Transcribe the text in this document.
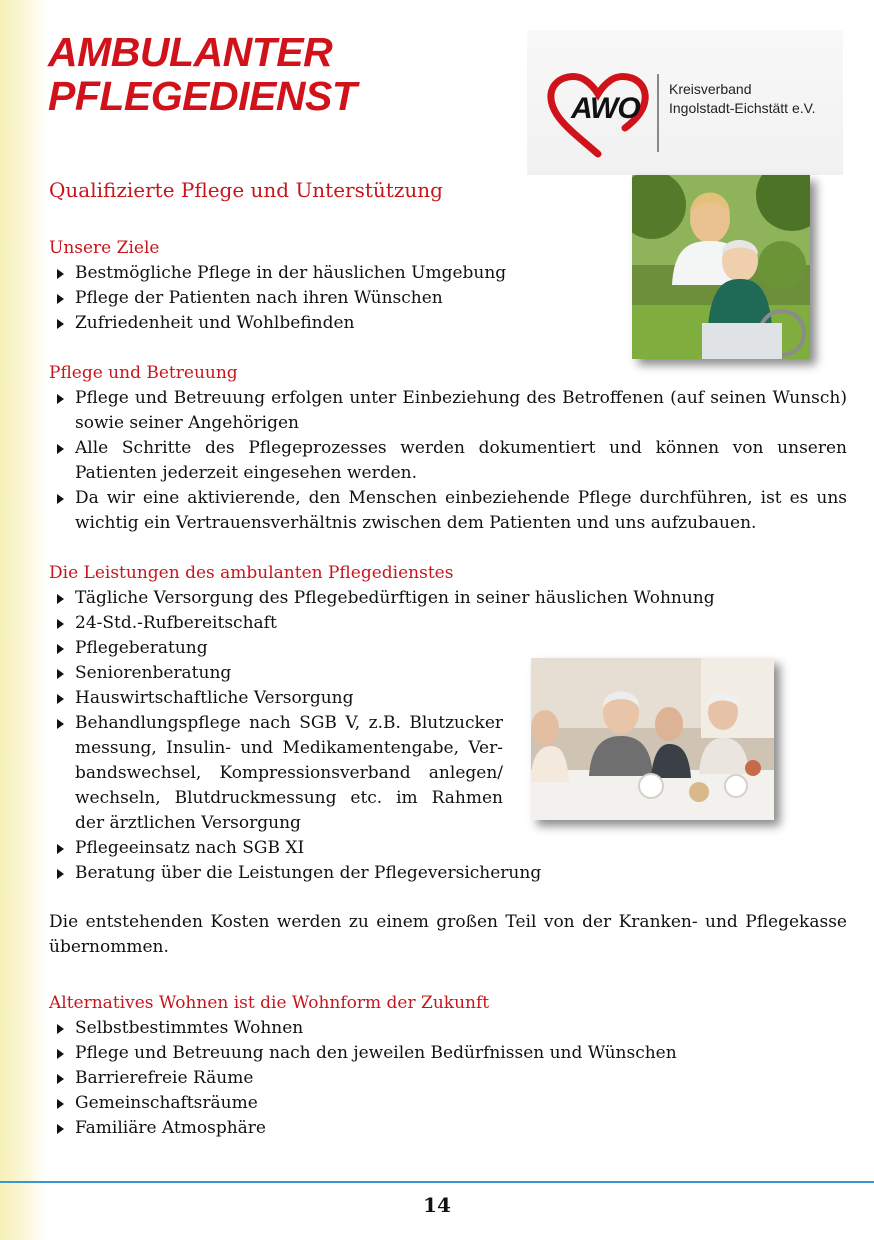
AMBULANTER
PFLEGEDIENST	AWO
Kreisverband
Ingolstadt-Eichstätt e.V.
Qualifizierte Pflege und Unterstützung
Unsere Ziele
Bestmögliche Pflege in der häuslichen Umgebung
Pflege der Patienten nach ihren Wünschen
Zufriedenheit und Wohlbefinden
Pflege und Betreuung
Pflege und Betreuung erfolgen unter Einbeziehung des Betroffenen (auf seinen Wunsch) sowie seiner Angehörigen
Alle Schritte des Pflegeprozesses werden dokumentiert und können von unseren Patienten jederzeit eingesehen werden.
Da wir eine aktivierende, den Menschen einbeziehende Pflege durchführen, ist es uns wichtig ein Vertrauensverhältnis zwischen dem Patienten und uns aufzubauen.
Die Leistungen des ambulanten Pflegedienstes
Tägliche Versorgung des Pflegebedürftigen in seiner häuslichen Wohnung
24-Std.-Rufbereitschaft
Pflegeberatung
Seniorenberatung
Hauswirtschaftliche Versorgung
Behandlungspflege nach SGB V, z.B. Blutzucker messung, Insulin- und Medikamentengabe, Ver- bandswechsel, Kompressionsverband anlegen/ wechseln, Blutdruckmessung etc. im Rahmen der ärztlichen Versorgung
Pflegeeinsatz nach SGB XI
Beratung über die Leistungen der Pflegeversicherung

Die entstehenden Kosten werden zu einem großen Teil von der Kranken- und Pflegekasse übernommen.

Alternatives Wohnen ist die Wohnform der Zukunft
Selbstbestimmtes Wohnen
Pflege und Betreuung nach den jeweilen Bedürfnissen und Wünschen
Barrierefreie Räume
Gemeinschaftsräume
Familiäre Atmosphäre
14
